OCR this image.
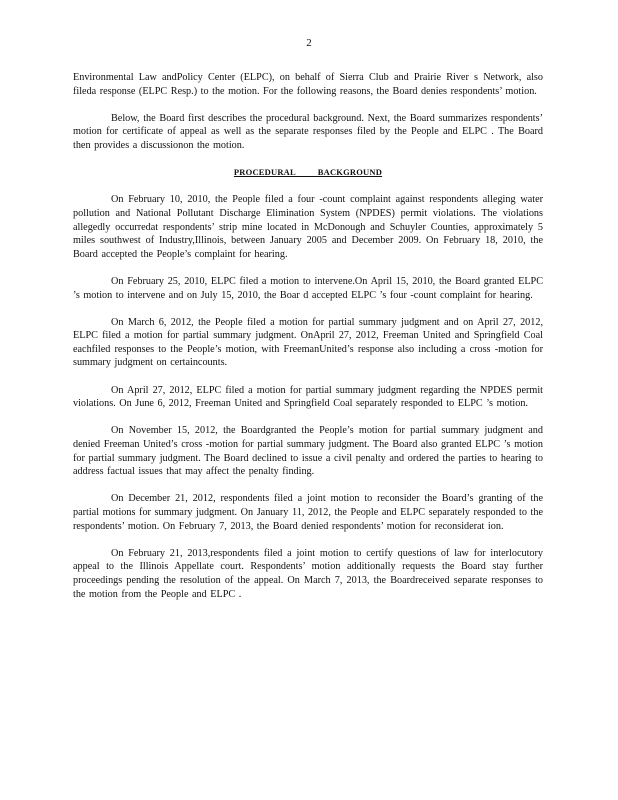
2

Environmental Law andPolicy Center (ELPC), on behalf of Sierra Club and Prairie River s Network, also fileda response (ELPC Resp.) to the motion. For the following reasons, the Board denies respondents’ motion.

Below, the Board first describes the procedural background. Next, the Board summarizes respondents’ motion for certificate of appeal as well as the separate responses filed by the People and ELPC . The Board then provides a discussionon the motion.

PROCEDURAL BACKGROUND

On February 10, 2010, the People filed a four -count complaint against respondents alleging water pollution and National Pollutant Discharge Elimination System (NPDES) permit violations. The violations allegedly occurredat respondents’ strip mine located in McDonough and Schuyler Counties, approximately 5 miles southwest of Industry,Illinois, between January 2005 and December 2009. On February 18, 2010, the Board accepted the People’s complaint for hearing.

On February 25, 2010, ELPC filed a motion to intervene.On April 15, 2010, the Board granted ELPC ’s motion to intervene and on July 15, 2010, the Boar d accepted ELPC ’s four -count complaint for hearing.

On March 6, 2012, the People filed a motion for partial summary judgment and on April 27, 2012, ELPC filed a motion for partial summary judgment. OnApril 27, 2012, Freeman United and Springfield Coal eachfiled responses to the People’s motion, with FreemanUnited’s response also including a cross -motion for summary judgment on certaincounts.

On April 27, 2012, ELPC filed a motion for partial summary judgment regarding the NPDES permit violations. On June 6, 2012, Freeman United and Springfield Coal separately responded to ELPC ’s motion.

On November 15, 2012, the Boardgranted the People’s motion for partial summary judgment and denied Freeman United’s cross -motion for partial summary judgment. The Board also granted ELPC ’s motion for partial summary judgment. The Board declined to issue a civil penalty and ordered the parties to hearing to address factual issues that may affect the penalty finding.

On December 21, 2012, respondents filed a joint motion to reconsider the Board’s granting of the partial motions for summary judgment. On January 11, 2012, the People and ELPC separately responded to the respondents’ motion. On February 7, 2013, the Board denied respondents’ motion for reconsiderat ion.

On February 21, 2013,respondents filed a joint motion to certify questions of law for interlocutory appeal to the Illinois Appellate court. Respondents’ motion additionally requests the Board stay further proceedings pending the resolution of the appeal. On March 7, 2013, the Boardreceived separate responses to the motion from the People and ELPC .
